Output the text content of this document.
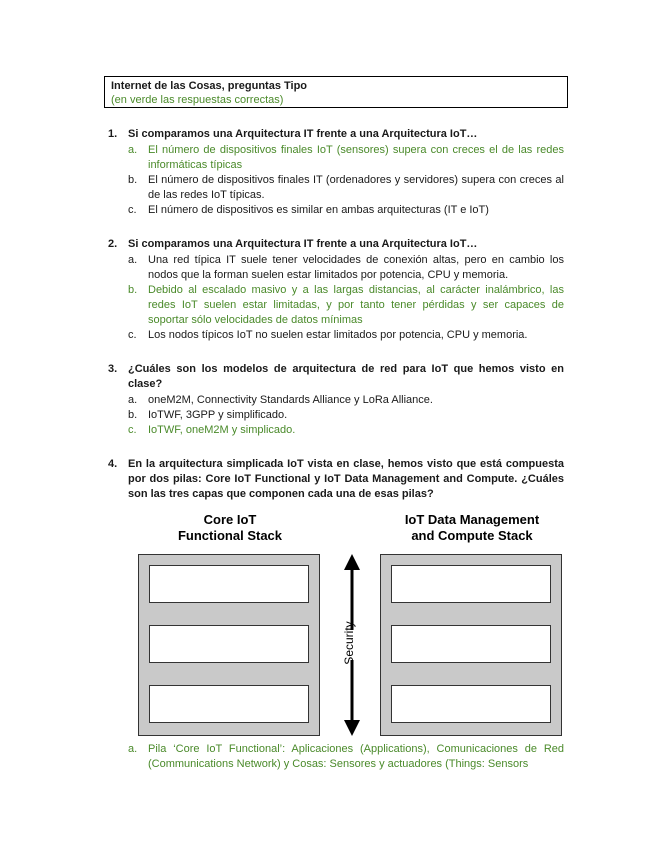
Internet de las Cosas, preguntas Tipo
(en verde las respuestas correctas)
1. Si comparamos una Arquitectura IT frente a una Arquitectura IoT…
a. El número de dispositivos finales IoT (sensores) supera con creces el de las redes informáticas típicas
b. El número de dispositivos finales IT (ordenadores y servidores) supera con creces al de las redes IoT típicas.
c.	El número de dispositivos es similar en ambas arquitecturas (IT e IoT)
2. Si comparamos una Arquitectura IT frente a una Arquitectura IoT…
a. Una red típica IT suele tener velocidades de conexión altas, pero en cambio los nodos que la forman suelen estar limitados por potencia, CPU y memoria.
b. Debido al escalado masivo y a las largas distancias, al carácter inalámbrico, las redes IoT suelen estar limitadas, y por tanto tener pérdidas y ser capaces de soportar sólo velocidades de datos mínimas
c.	Los nodos típicos IoT no suelen estar limitados por potencia, CPU y memoria.
3. ¿Cuáles son los modelos de arquitectura de red para IoT que hemos visto en clase?
a. oneM2M, Connectivity Standards Alliance y LoRa Alliance.
b. IoTWF, 3GPP y simplificado.
c.	IoTWF, oneM2M y simplicado.
4. En la arquitectura simplicada IoT vista en clase, hemos visto que está compuesta por dos pilas: Core IoT Functional y IoT Data Management and Compute. ¿Cuáles son las tres capas que componen cada una de esas pilas?
Core IoT
Functional Stack
IoT Data Management
and Compute Stack
Security
a. Pila ‘Core IoT Functional’: Aplicaciones (Applications), Comunicaciones de Red (Communications Network) y Cosas: Sensores y actuadores (Things: Sensors
